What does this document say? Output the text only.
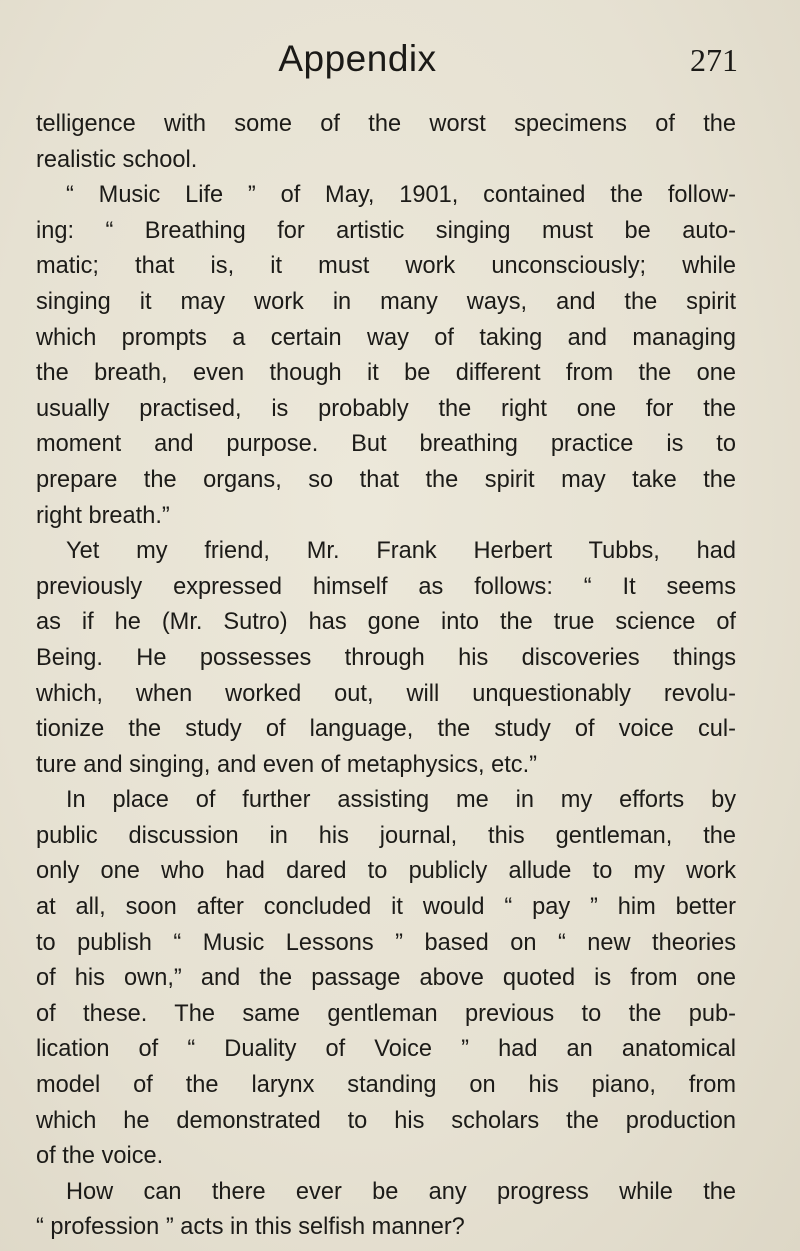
Appendix	271

telligence with some of the worst specimens of the

realistic school.

“ Music Life ” of May, 1901, contained the follow-

ing: “ Breathing for artistic singing must be auto-

matic; that is, it must work unconsciously; while

singing it may work in many ways, and the spirit

which prompts a certain way of taking and managing

the breath, even though it be different from the one

usually practised, is probably the right one for the

moment and purpose. But breathing practice is to

prepare the organs, so that the spirit may take the

right breath.”

Yet my friend, Mr. Frank Herbert Tubbs, had

previously expressed himself as follows: “ It seems

as if he (Mr. Sutro) has gone into the true science of

Being. He possesses through his discoveries things

which, when worked out, will unquestionably revolu-

tionize the study of language, the study of voice cul-

ture and singing, and even of metaphysics, etc.”

In place of further assisting me in my efforts by

public discussion in his journal, this gentleman, the

only one who had dared to publicly allude to my work

at all, soon after concluded it would “ pay ” him better

to publish “ Music Lessons ” based on “ new theories

of his own,” and the passage above quoted is from one

of these. The same gentleman previous to the pub-

lication of “ Duality of Voice ” had an anatomical

model of the larynx standing on his piano, from

which he demonstrated to his scholars the production

of the voice.

How can there ever be any progress while the

“ profession ” acts in this selfish manner?
